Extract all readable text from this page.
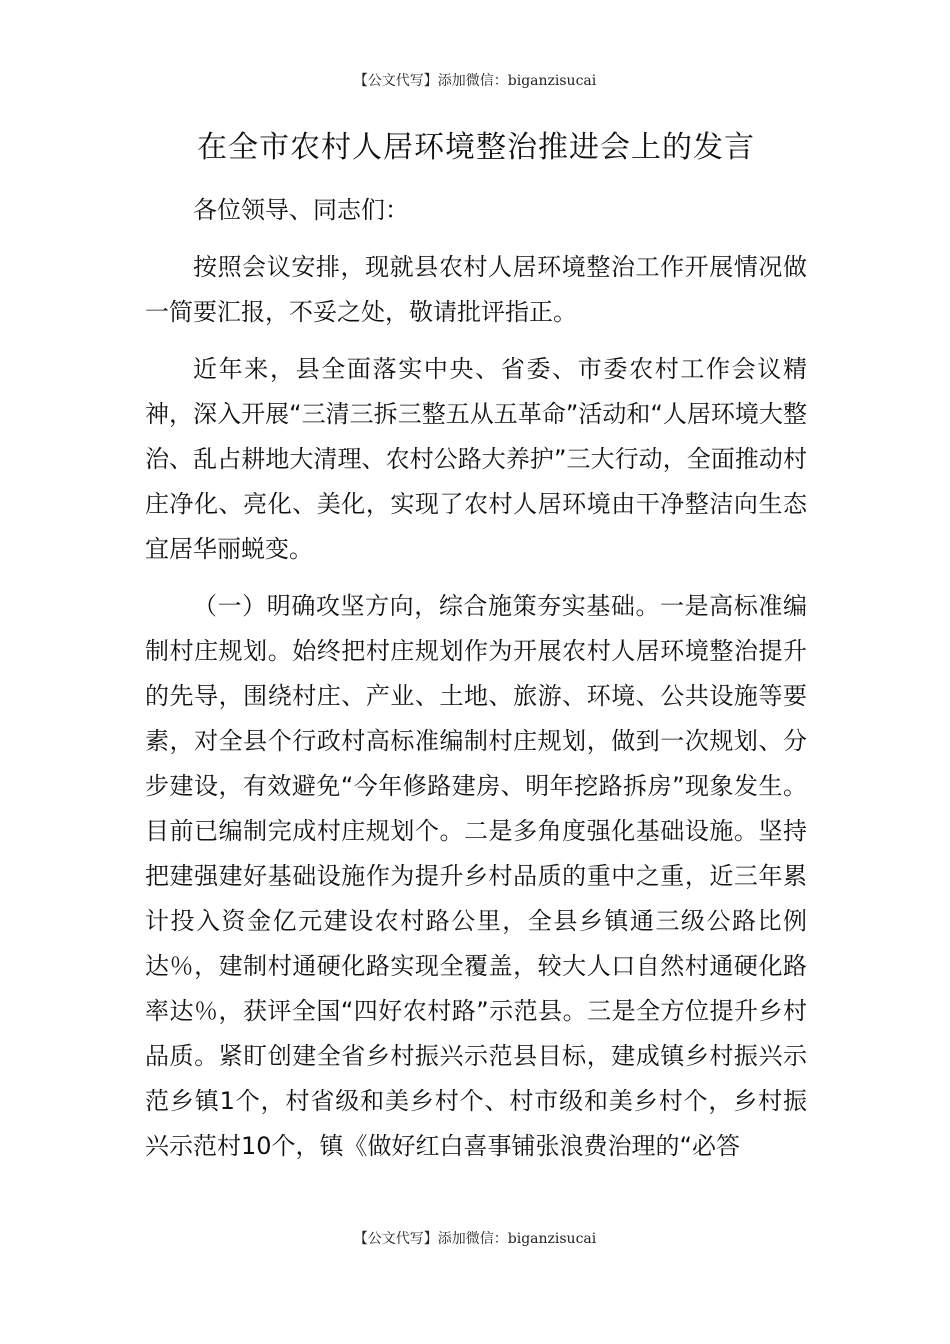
【公文代写】添加微信：biganzisucai
在全市农村人居环境整治推进会上的发言

各位领导、同志们：

按照会议安排，现就县农村人居环境整治工作开展情况做一简要汇报，不妥之处，敬请批评指正。

近年来，县全面落实中央、省委、市委农村工作会议精神，深入开展“三清三拆三整五从五革命”活动和“人居环境大整治、乱占耕地大清理、农村公路大养护”三大行动，全面推动村庄净化、亮化、美化，实现了农村人居环境由干净整洁向生态宜居华丽蜕变。

（一）明确攻坚方向，综合施策夯实基础。一是高标准编制村庄规划。始终把村庄规划作为开展农村人居环境整治提升的先导，围绕村庄、产业、土地、旅游、环境、公共设施等要素，对全县个行政村高标准编制村庄规划，做到一次规划、分步建设，有效避免“今年修路建房、明年挖路拆房”现象发生。目前已编制完成村庄规划个。二是多角度强化基础设施。坚持把建强建好基础设施作为提升乡村品质的重中之重，近三年累计投入资金亿元建设农村路公里，全县乡镇通三级公路比例达％，建制村通硬化路实现全覆盖，较大人口自然村通硬化路率达％，获评全国“四好农村路”示范县。三是全方位提升乡村品质。紧盯创建全省乡村振兴示范县目标，建成镇乡村振兴示范乡镇1个，村省级和美乡村个、村市级和美乡村个，乡村振兴示范村10个，镇《做好红白喜事铺张浪费治理的“必答

【公文代写】添加微信：biganzisucai
